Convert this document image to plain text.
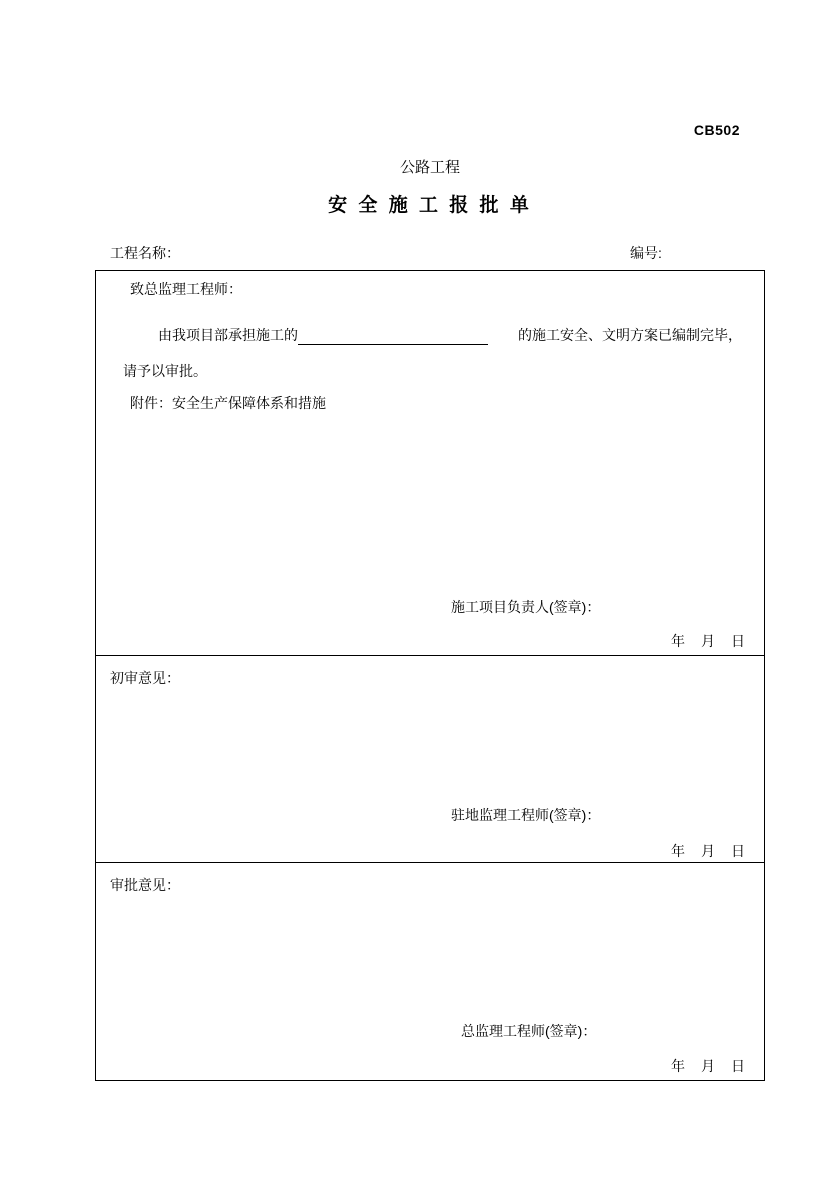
CB502
公路工程
安 全 施 工 报 批 单
工程名称：	编号:
致总监理工程师：
由我项目部承担施工的	的施工安全、文明方案已编制完毕，
请予以审批。
附件：安全生产保障体系和措施
施工项目负责人(签章)：
年　月　日
初审意见：
驻地监理工程师(签章)：
年　月　日
审批意见：
总监理工程师(签章)：
年　月　日
